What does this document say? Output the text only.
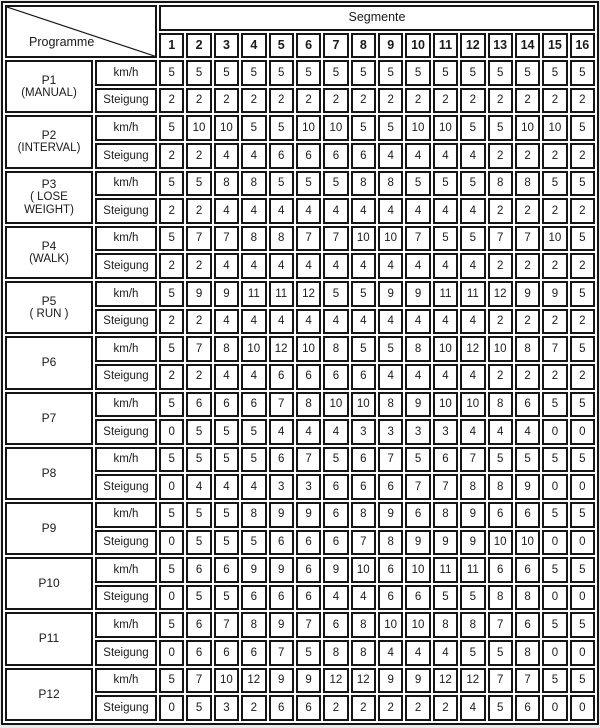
Programme		Segmente															
		1	2	3	4	5	6	7	8	9	10	11	12	13	14	15	16

P1
(MANUAL)	km/h	5	5	5	5	5	5	5	5	5	5	5	5	5	5	5	5
	Steigung	2	2	2	2	2	2	2	2	2	2	2	2	2	2	2	2

P2
(INTERVAL)	km/h	5	10	10	5	5	10	10	5	5	10	10	5	5	10	10	5
	Steigung	2	2	4	4	6	6	6	6	4	4	4	4	2	2	2	2

P3
( LOSE WEIGHT)	km/h	5	5	8	8	5	5	5	8	8	5	5	5	8	8	5	5
	Steigung	2	2	4	4	4	4	4	4	4	4	4	4	2	2	2	2

P4
(WALK)	km/h	5	7	7	8	8	7	7	10	10	7	5	5	7	7	10	5
	Steigung	2	2	4	4	4	4	4	4	4	4	4	4	2	2	2	2

P5
( RUN )	km/h	5	9	9	11	11	12	5	5	9	9	11	11	12	9	9	5
	Steigung	2	2	4	4	4	4	4	4	4	4	4	4	2	2	2	2

P6	km/h	5	7	8	10	12	10	8	5	5	8	10	12	10	8	7	5
	Steigung	2	2	4	4	6	6	6	6	4	4	4	4	2	2	2	2

P7	km/h	5	6	6	6	7	8	10	10	8	9	10	10	8	6	5	5
	Steigung	0	5	5	5	4	4	4	3	3	3	3	4	4	4	0	0

P8	km/h	5	5	5	5	6	7	5	6	7	5	6	7	5	5	5	5
	Steigung	0	4	4	4	3	3	6	6	6	7	7	8	8	9	0	0

P9	km/h	5	5	5	8	9	9	6	8	9	6	8	9	6	6	5	5
	Steigung	0	5	5	5	6	6	6	7	8	9	9	9	10	10	0	0

P10	km/h	5	6	6	9	9	6	9	10	6	10	11	11	6	6	5	5
	Steigung	0	5	5	6	6	6	4	4	6	6	5	5	8	8	0	0

P11	km/h	5	6	7	8	9	7	6	8	10	10	8	8	7	6	5	5
	Steigung	0	6	6	6	7	5	8	8	4	4	4	5	5	8	0	0

P12	km/h	5	7	10	12	9	9	12	12	9	9	12	12	7	7	5	5
	Steigung	0	5	3	2	6	6	2	2	2	2	2	4	5	6	0	0
